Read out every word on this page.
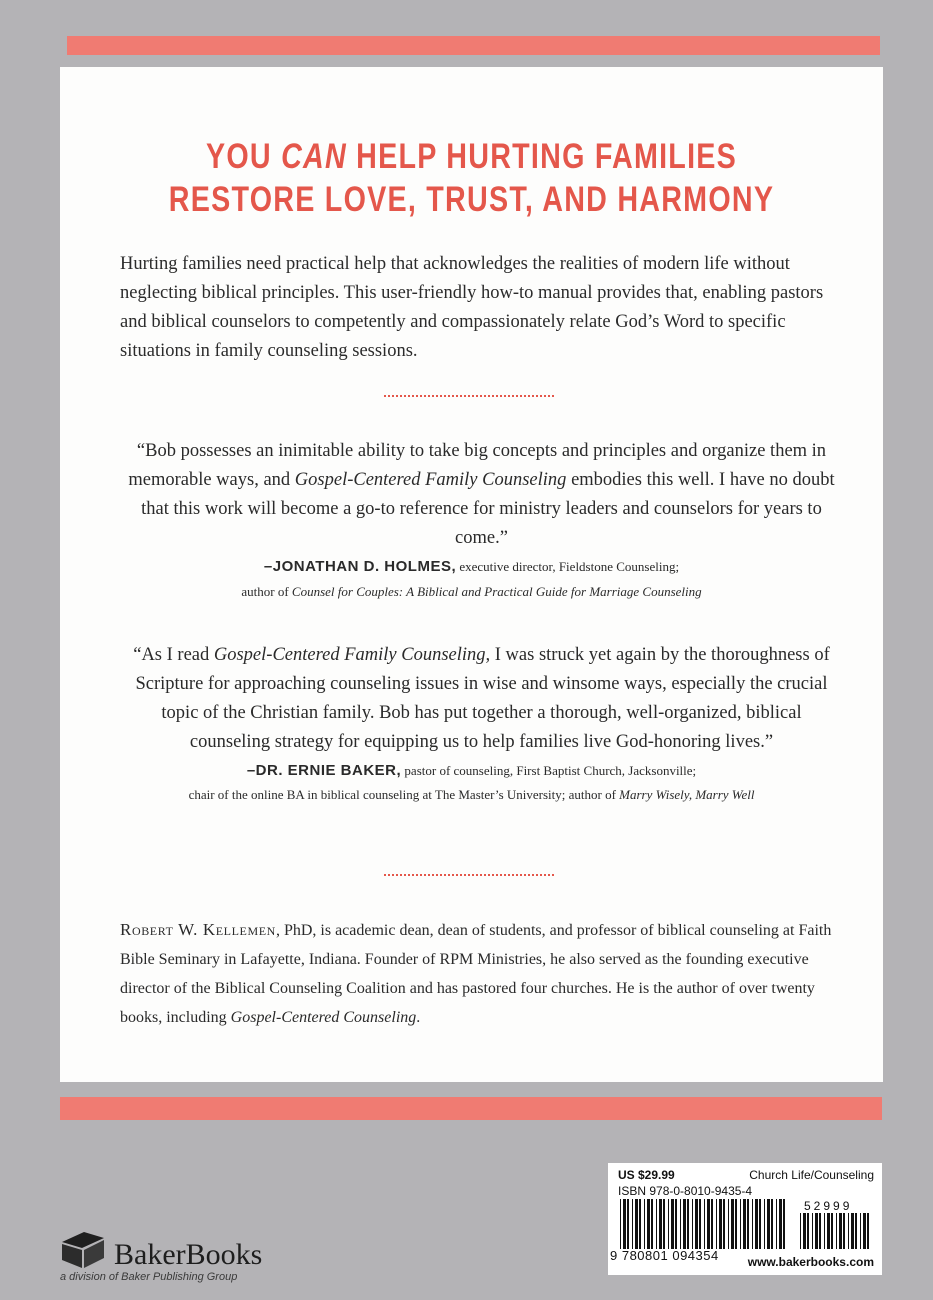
YOU CAN HELP HURTING FAMILIES
RESTORE LOVE, TRUST, AND HARMONY

Hurting families need practical help that acknowledges the realities of modern life without neglecting biblical principles. This user-friendly how-to manual provides that, enabling pastors and biblical counselors to competently and compassionately relate God’s Word to specific situations in family counseling sessions.

“Bob possesses an inimitable ability to take big concepts and principles and organize them in memorable ways, and Gospel-Centered Family Counseling embodies this well. I have no doubt that this work will become a go-to reference for ministry leaders and counselors for years to come.”

–JONATHAN D. HOLMES, executive director, Fieldstone Counseling;
author of Counsel for Couples: A Biblical and Practical Guide for Marriage Counseling

“As I read Gospel-Centered Family Counseling, I was struck yet again by the thoroughness of Scripture for approaching counseling issues in wise and winsome ways, especially the crucial topic of the Christian family. Bob has put together a thorough, well-organized, biblical counseling strategy for equipping us to help families live God-honoring lives.”

–DR. ERNIE BAKER, pastor of counseling, First Baptist Church, Jacksonville;
chair of the online BA in biblical counseling at The Master’s University; author of Marry Wisely, Marry Well

Robert W. Kellemen, PhD, is academic dean, dean of students, and professor of biblical counseling at Faith Bible Seminary in Lafayette, Indiana. Founder of RPM Ministries, he also served as the founding executive director of the Biblical Counseling Coalition and has pastored four churches. He is the author of over twenty books, including Gospel-Centered Counseling.

BakerBooks
a division of Baker Publishing Group
US $29.99	Church Life/Counseling
ISBN 978-0-8010-9435-4
52999
9 780801 094354 www.bakerbooks.com
